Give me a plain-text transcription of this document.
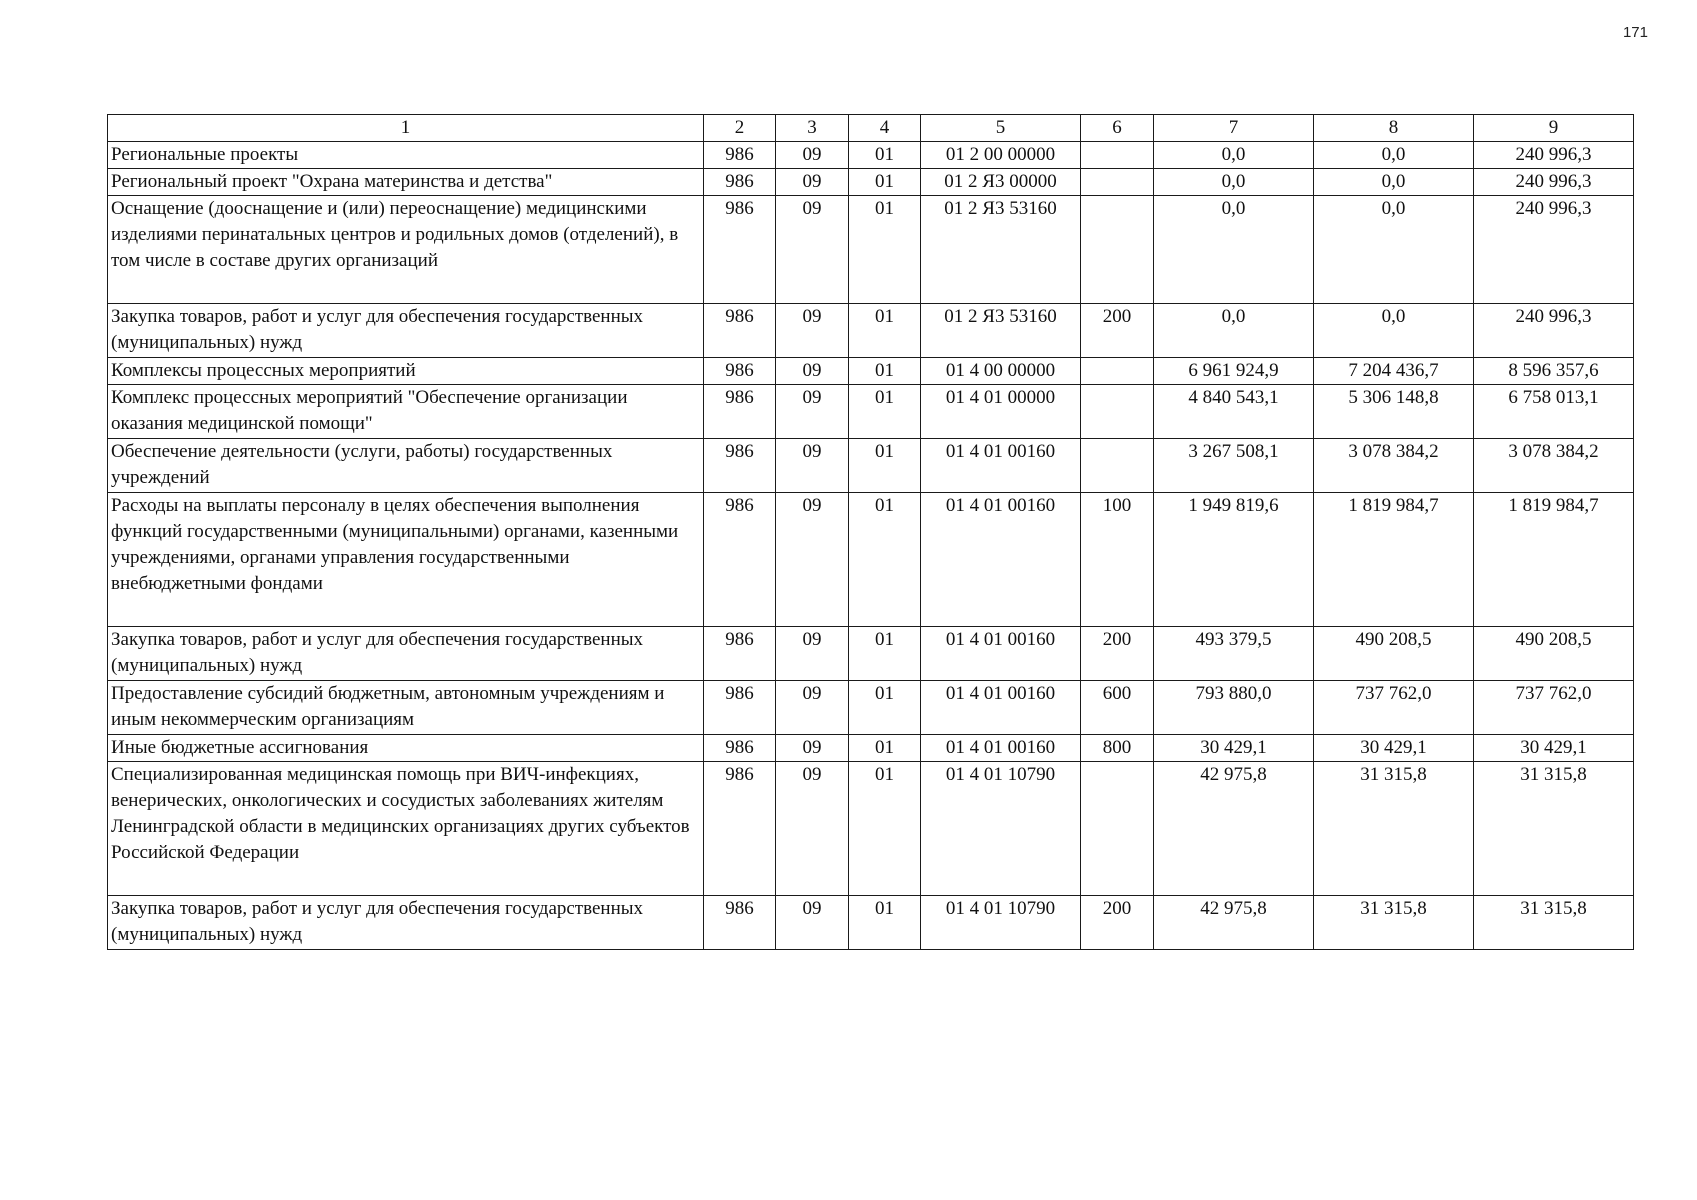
171
1	2	3	4	5	6	7	8	9
Региональные проекты	986	09	01	01 2 00 00000		0,0	0,0	240 996,3
Региональный проект "Охрана материнства и детства"	986	09	01	01 2 Я3 00000		0,0	0,0	240 996,3
Оснащение (дооснащение и (или) переоснащение) медицинскими изделиями перинатальных центров и родильных домов (отделений), в том числе в составе других организаций	986	09	01	01 2 Я3 53160		0,0	0,0	240 996,3
Закупка товаров, работ и услуг для обеспечения государственных (муниципальных) нужд	986	09	01	01 2 Я3 53160	200	0,0	0,0	240 996,3
Комплексы процессных мероприятий	986	09	01	01 4 00 00000		6 961 924,9	7 204 436,7	8 596 357,6
Комплекс процессных мероприятий "Обеспечение организации оказания медицинской помощи"	986	09	01	01 4 01 00000		4 840 543,1	5 306 148,8	6 758 013,1
Обеспечение деятельности (услуги, работы) государственных учреждений	986	09	01	01 4 01 00160		3 267 508,1	3 078 384,2	3 078 384,2
Расходы на выплаты персоналу в целях обеспечения выполнения функций государственными (муниципальными) органами, казенными учреждениями, органами управления государственными внебюджетными фондами	986	09	01	01 4 01 00160	100	1 949 819,6	1 819 984,7	1 819 984,7
Закупка товаров, работ и услуг для обеспечения государственных (муниципальных) нужд	986	09	01	01 4 01 00160	200	493 379,5	490 208,5	490 208,5
Предоставление субсидий бюджетным, автономным учреждениям и иным некоммерческим организациям	986	09	01	01 4 01 00160	600	793 880,0	737 762,0	737 762,0
Иные бюджетные ассигнования	986	09	01	01 4 01 00160	800	30 429,1	30 429,1	30 429,1
Специализированная медицинская помощь при ВИЧ-инфекциях, венерических, онкологических и сосудистых заболеваниях жителям Ленинградской области в медицинских организациях других субъектов Российской Федерации	986	09	01	01 4 01 10790		42 975,8	31 315,8	31 315,8
Закупка товаров, работ и услуг для обеспечения государственных (муниципальных) нужд	986	09	01	01 4 01 10790	200	42 975,8	31 315,8	31 315,8
